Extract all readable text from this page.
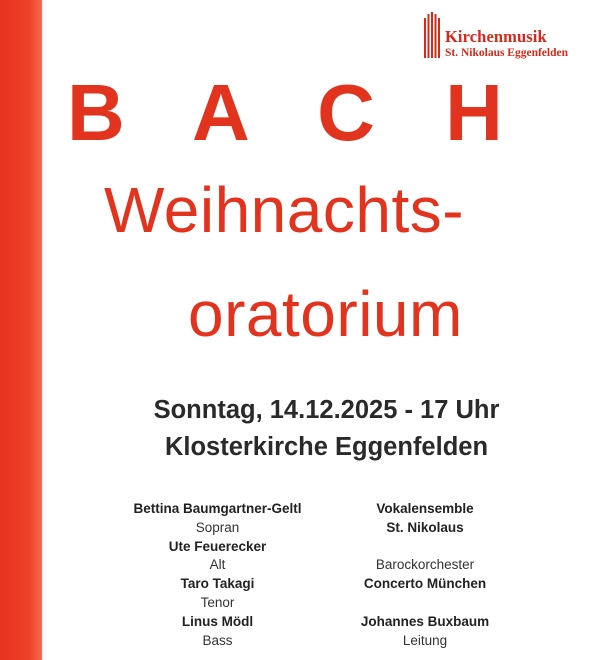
Kirchenmusik
St. Nikolaus Eggenfelden
B A C H
Weihnachts-
oratorium
Sonntag, 14.12.2025 - 17 Uhr
Klosterkirche Eggenfelden
Bettina Baumgartner-Geltl
Sopran
Ute Feuerecker
Alt
Taro Takagi
Tenor
Linus Mödl
Bass
Vokalensemble
St. Nikolaus
Barockorchester
Concerto München
Johannes Buxbaum
Leitung
